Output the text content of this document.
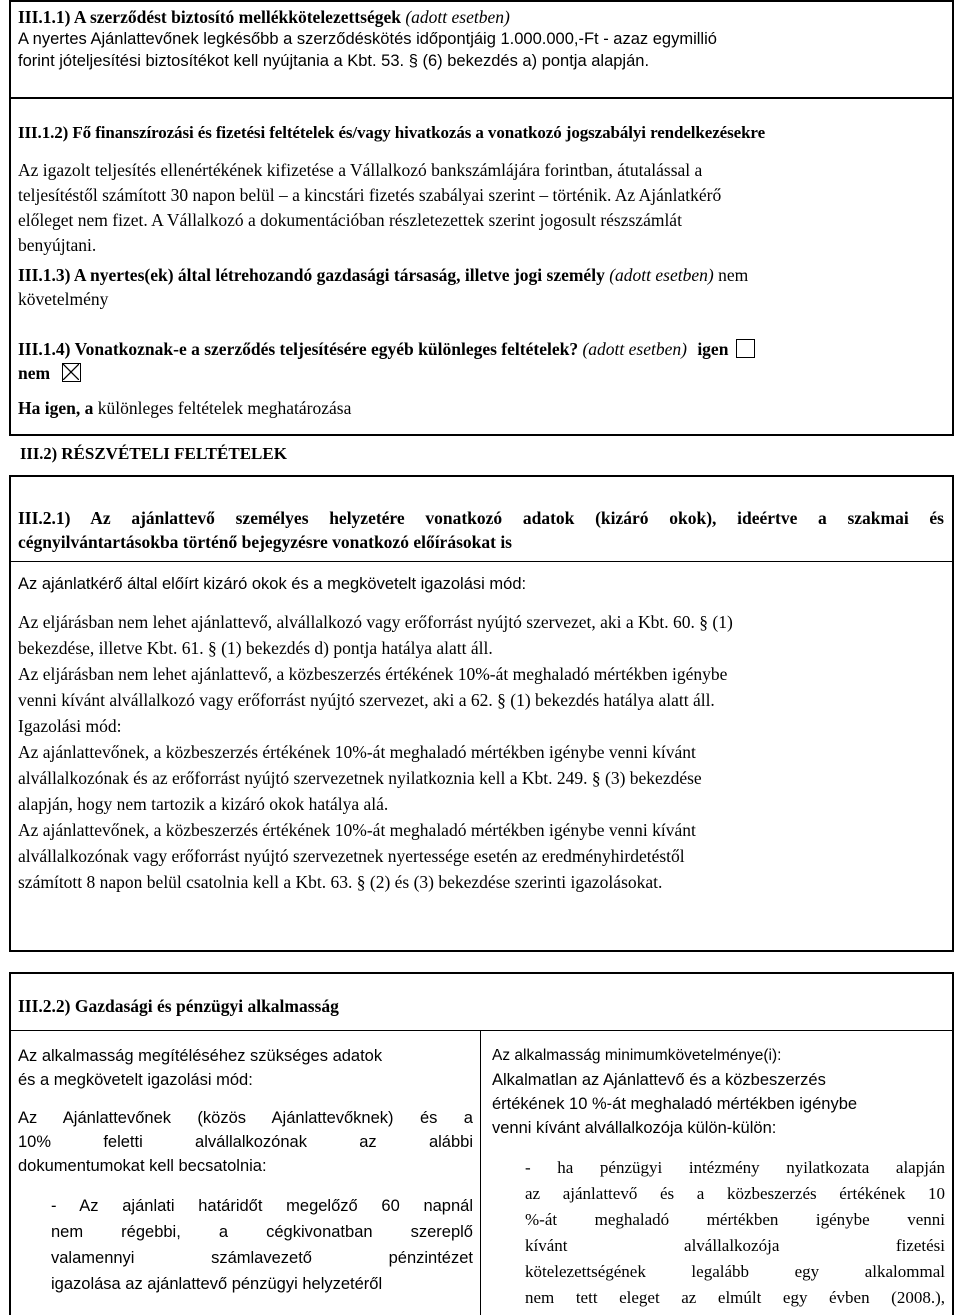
III.1.1) A szerződést biztosító mellékkötelezettségek (adott esetben)
A nyertes Ajánlattevőnek legkésőbb a szerződéskötés időpontjáig 1.000.000,-Ft - azaz egymillió
forint jóteljesítési biztosítékot kell nyújtania a Kbt. 53. § (6) bekezdés a) pontja alapján.
III.1.2) Fő finanszírozási és fizetési feltételek és/vagy hivatkozás a vonatkozó jogszabályi rendelkezésekre
Az igazolt teljesítés ellenértékének kifizetése a Vállalkozó bankszámlájára forintban, átutalással a
teljesítéstől számított 30 napon belül – a kincstári fizetés szabályai szerint – történik. Az Ajánlatkérő
előleget nem fizet. A Vállalkozó a dokumentációban részletezettek szerint jogosult részszámlát
benyújtani.
III.1.3) A nyertes(ek) által létrehozandó gazdasági társaság, illetve jogi személy (adott esetben) nem
követelmény
III.1.4) Vonatkoznak-e a szerződés teljesítésére egyéb különleges feltételek? (adott esetben) igen
nem
Ha igen, a különleges feltételek meghatározása
III.2) RÉSZVÉTELI FELTÉTELEK
III.2.1) Az ajánlattevő személyes helyzetére vonatkozó adatok (kizáró okok), ideértve a szakmai és
cégnyilvántartásokba történő bejegyzésre vonatkozó előírásokat is
Az ajánlatkérő által előírt kizáró okok és a megkövetelt igazolási mód:
Az eljárásban nem lehet ajánlattevő, alvállalkozó vagy erőforrást nyújtó szervezet, aki a Kbt. 60. § (1)
bekezdése, illetve Kbt. 61. § (1) bekezdés d) pontja hatálya alatt áll.
Az eljárásban nem lehet ajánlattevő, a közbeszerzés értékének 10%-át meghaladó mértékben igénybe
venni kívánt alvállalkozó vagy erőforrást nyújtó szervezet, aki a 62. § (1) bekezdés hatálya alatt áll.
Igazolási mód:
Az ajánlattevőnek, a közbeszerzés értékének 10%-át meghaladó mértékben igénybe venni kívánt
alvállalkozónak és az erőforrást nyújtó szervezetnek nyilatkoznia kell a Kbt. 249. § (3) bekezdése
alapján, hogy nem tartozik a kizáró okok hatálya alá.
Az ajánlattevőnek, a közbeszerzés értékének 10%-át meghaladó mértékben igénybe venni kívánt
alvállalkozónak vagy erőforrást nyújtó szervezetnek nyertessége esetén az eredményhirdetéstől
számított 8 napon belül csatolnia kell a Kbt. 63. § (2) és (3) bekezdése szerinti igazolásokat.
III.2.2) Gazdasági és pénzügyi alkalmasság
Az alkalmasság megítéléséhez szükséges adatok
és a megkövetelt igazolási mód:
Az Ajánlattevőnek (közös Ajánlattevőknek) és a
10% feletti alvállalkozónak az alábbi
dokumentumokat kell becsatolnia:
- Az ajánlati határidőt megelőző 60 napnál
nem régebbi, a cégkivonatban szereplő
valamennyi számlavezető pénzintézet
igazolása az ajánlattevő pénzügyi helyzetéről
Az alkalmasság minimumkövetelménye(i):
Alkalmatlan az Ajánlattevő és a közbeszerzés
értékének 10 %-át meghaladó mértékben igénybe
venni kívánt alvállalkozója külön-külön:
- ha pénzügyi intézmény nyilatkozata alapján
az ajánlattevő és a közbeszerzés értékének 10
%-át meghaladó mértékben igénybe venni
kívánt alvállalkozója fizetési
kötelezettségének legalább egy alkalommal
nem tett eleget az elmúlt egy évben (2008.),
